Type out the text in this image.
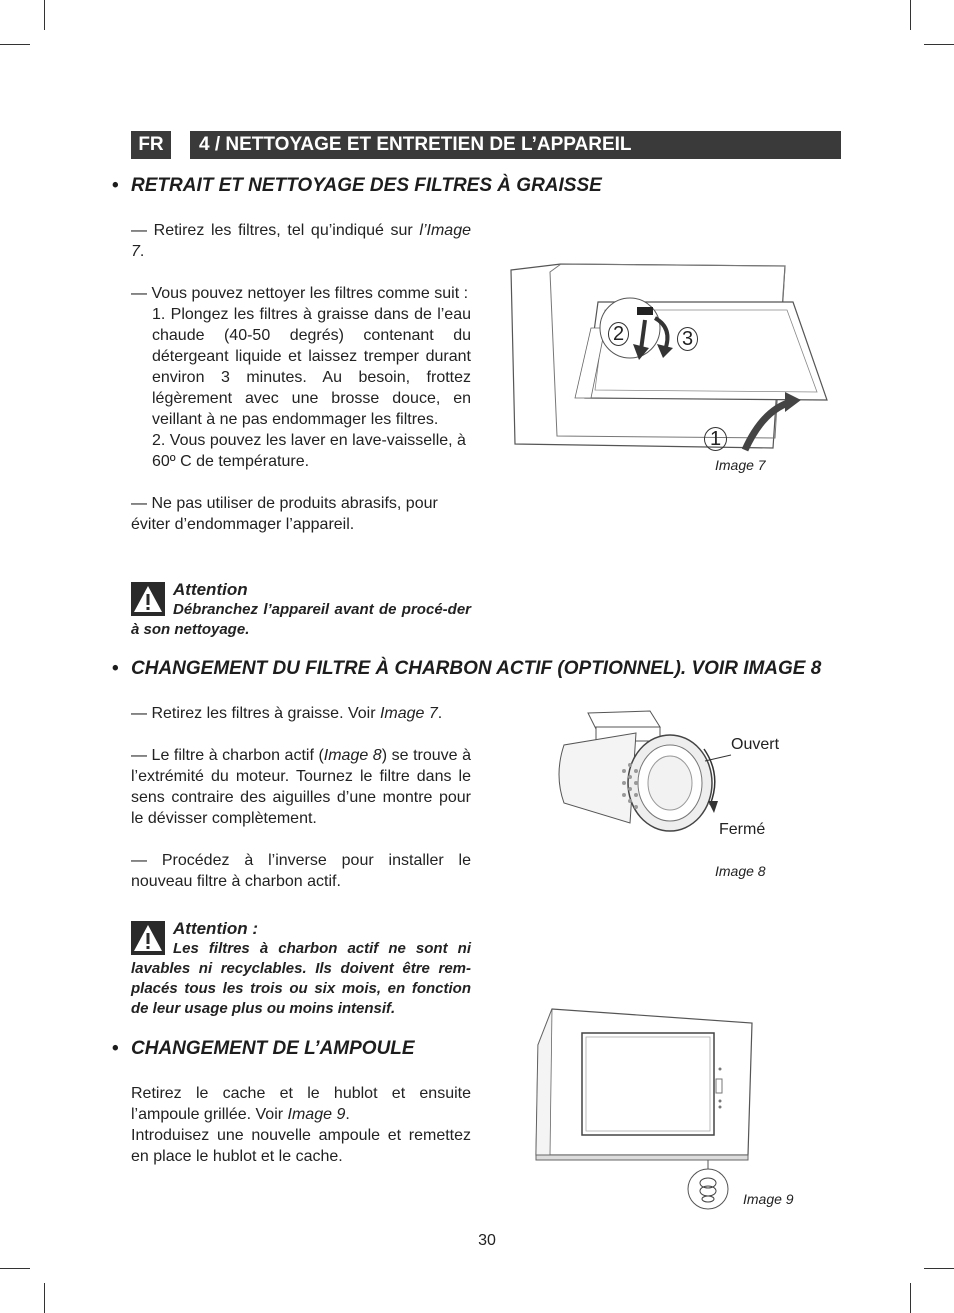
FR	4 / NETTOYAGE ET ENTRETIEN DE L’APPAREIL
• RETRAIT ET NETTOYAGE DES FILTRES À GRAISSE
— Retirez les filtres, tel qu’indiqué sur l’Image 7.
— Vous pouvez nettoyer les filtres comme suit :
1. Plongez les filtres à graisse dans de l’eau chaude (40-50 degrés) contenant du détergeant liquide et laissez tremper durant environ 3 minutes. Au besoin, frottez légèrement avec une brosse douce, en veillant à ne pas endommager les filtres.
2. Vous pouvez les laver en lave-vaisselle, à 60º C de température.
— Ne pas utiliser de produits abrasifs, pour éviter d’endommager l’appareil.
Attention
Débranchez l’appareil avant de procé-der à son nettoyage.
2	3
1
Image 7
• CHANGEMENT DU FILTRE À CHARBON ACTIF (OPTIONNEL). VOIR IMAGE 8
— Retirez les filtres à graisse. Voir Image 7.
— Le filtre à charbon actif (Image 8) se trouve à l’extrémité du moteur. Tournez le filtre dans le sens contraire des aiguilles d’une montre pour le dévisser complètement.
— Procédez à l’inverse pour installer le nouveau filtre à charbon actif.
Attention :
Les filtres à charbon actif ne sont ni lavables ni recyclables. Ils doivent être rem-placés tous les trois ou six mois, en fonction de leur usage plus ou moins intensif.
Ouvert
Fermé
Image 8
• CHANGEMENT DE L’AMPOULE
Retirez le cache et le hublot et ensuite l’ampoule grillée. Voir Image 9.
Introduisez une nouvelle ampoule et remettez en place le hublot et le cache.
Image 9
30
